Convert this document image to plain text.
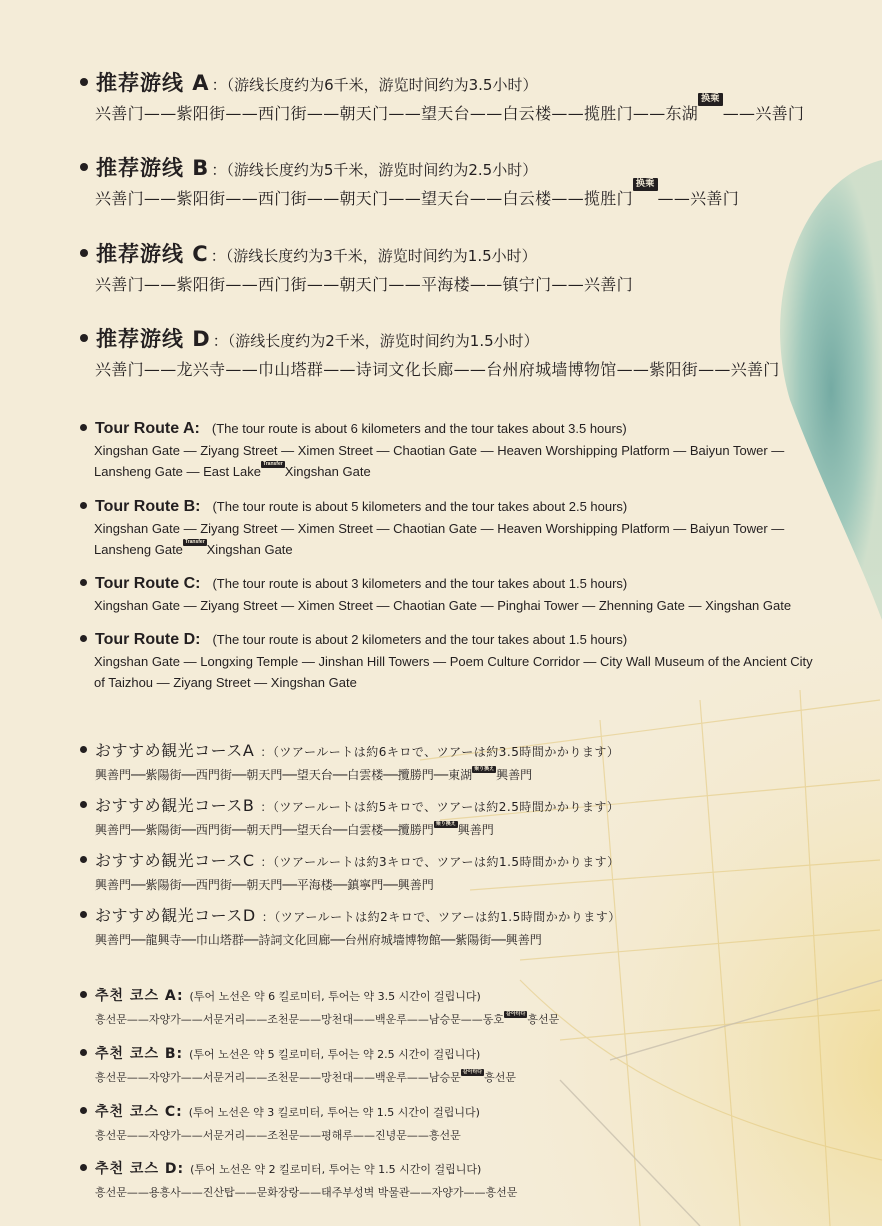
推荐游线 A ：（游线长度约为6千米，游览时间约为3.5小时）
兴善门——紫阳街——西门街——朝天门——望天台——白云楼——揽胜门——东湖换乘——兴善门
推荐游线 B ：（游线长度约为5千米，游览时间约为2.5小时）
兴善门——紫阳街——西门街——朝天门——望天台——白云楼——揽胜门换乘——兴善门
推荐游线 C ：（游线长度约为3千米，游览时间约为1.5小时）
兴善门——紫阳街——西门街——朝天门——平海楼——镇宁门——兴善门
推荐游线 D ：（游线长度约为2千米，游览时间约为1.5小时）
兴善门——龙兴寺——巾山塔群——诗词文化长廊——台州府城墙博物馆——紫阳街——兴善门
Tour Route A: (The tour route is about 6 kilometers and the tour takes about 3.5 hours)
Xingshan Gate — Ziyang Street — Ximen Street — Chaotian Gate — Heaven Worshipping Platform — Baiyun Tower — Lansheng Gate — East Lake Transfer Xingshan Gate
Tour Route B: (The tour route is about 5 kilometers and the tour takes about 2.5 hours)
Xingshan Gate — Ziyang Street — Ximen Street — Chaotian Gate — Heaven Worshipping Platform — Baiyun Tower — Lansheng Gate Transfer Xingshan Gate
Tour Route C: (The tour route is about 3 kilometers and the tour takes about 1.5 hours)
Xingshan Gate — Ziyang Street — Ximen Street — Chaotian Gate — Pinghai Tower — Zhenning Gate — Xingshan Gate
Tour Route D: (The tour route is about 2 kilometers and the tour takes about 1.5 hours)
Xingshan Gate — Longxing Temple — Jinshan Hill Towers — Poem Culture Corridor — City Wall Museum of the Ancient City of Taizhou — Ziyang Street — Xingshan Gate
おすすめ観光コースA ：（ツアールートは約6キロで、ツアーは約3.5時間かかります）
興善門──紫陽街──西門街──朝天門──望天台──白雲楼──攬勝門──東湖 乗り換え 興善門
おすすめ観光コースB ：（ツアールートは約5キロで、ツアーは約2.5時間かかります）
興善門──紫陽街──西門街──朝天門──望天台──白雲楼──攬勝門 乗り換え 興善門
おすすめ観光コースC ：（ツアールートは約3キロで、ツアーは約1.5時間かかります）
興善門──紫陽街──西門街──朝天門──平海楼──鎮寧門──興善門
おすすめ観光コースD ：（ツアールートは約2キロで、ツアーは約1.5時間かかります）
興善門──龍興寺──巾山塔群──詩詞文化回廊──台州府城墻博物館──紫陽街──興善門
추천 코스 A: (투어 노선은 약 6 킬로미터, 투어는 약 3.5 시간이 걸립니다)
흥선문——자양가——서문거리——조천문——망천대——백운루——남승문——동호 갈아타다 흥선문
추천 코스 B: (투어 노선은 약 5 킬로미터, 투어는 약 2.5 시간이 걸립니다)
흥선문——자양가——서문거리——조천문——망천대——백운루——남승문 갈아타다 흥선문
추천 코스 C: (투어 노선은 약 3 킬로미터, 투어는 약 1.5 시간이 걸립니다)
흥선문——자양가——서문거리——조천문——평해루——진녕문——흥선문
추천 코스 D: (투어 노선은 약 2 킬로미터, 투어는 약 1.5 시간이 걸립니다)
흥선문——용흥사——진산탑——문화장랑——태주부성벽 박물관——자양가——흥선문
